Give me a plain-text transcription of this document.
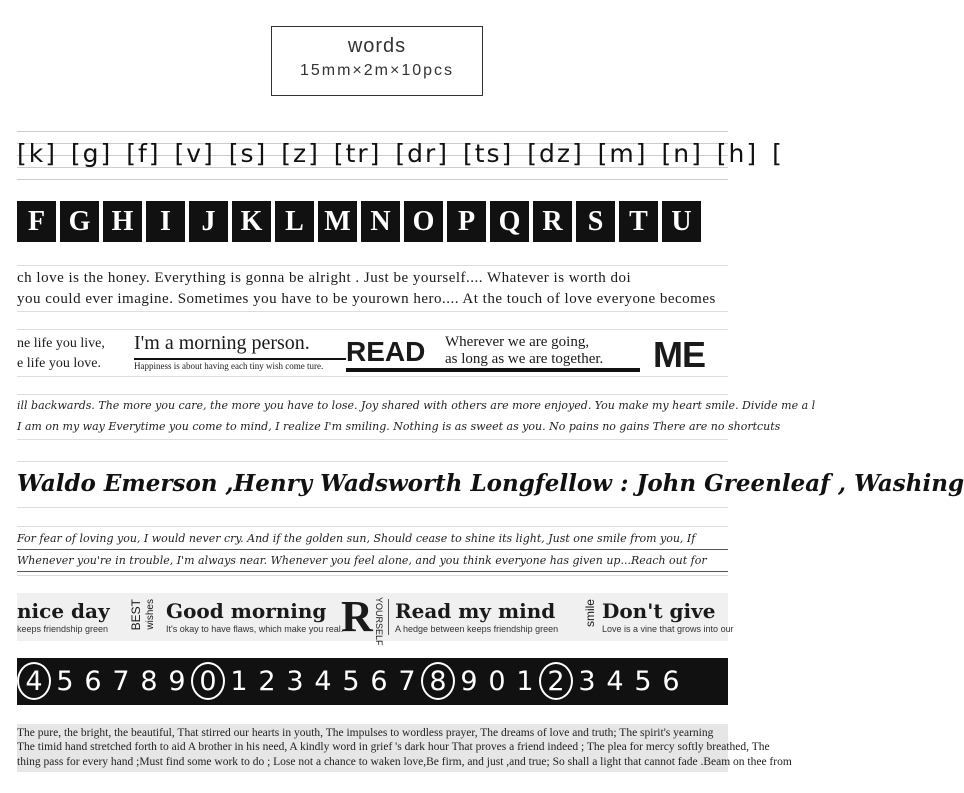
words
15mm×2m×10pcs
[k] [g] [f] [v] [s] [z] [tr] [dr] [ts] [dz] [m] [n] [h] [
F G H I	J K L M N O P Q R S T U
ch love is the honey. Everything is gonna be alright . Just be yourself.... Whatever is worth doi
you could ever imagine. Sometimes you have to be yourown hero.... At the touch of love everyone becomes
ne life you live,
e life you love.
I'm a morning person.
Happiness is about having each tiny wish come ture. READ Wherever we are going,
as long as we are together. ME
ill backwards. The more you care, the more you have to lose. Joy shared with others are more enjoyed. You make my heart smile. Divide me a l
I am on my way Everytime you come to mind, I realize I'm smiling. Nothing is as sweet as you. No pains no gains There are no shortcuts
Waldo Emerson ,Henry Wadsworth Longfellow : John Greenleaf , Washing
For fear of loving you, I would never cry. And if the golden sun, Should cease to shine its light, Just one smile from you, If
Whenever you're in trouble, I'm always near. Whenever you feel alone, and you think everyone has given up...Reach out for
nice day
keeps friendship green BEST wishes Good morning
It's okay to have flaws, which make you real.
R YOURSELF Read my mind
A hedge between keeps friendship green
smile Don't give
Love is a vine that grows into our
4 5 6 7 8 9 0 1 2 3 4 5 6 7 8 9 0 1 2 3 4 5 6
The pure, the bright, the beautiful, That stirred our hearts in youth, The impulses to wordless prayer, The dreams of love and truth; The spirit's yearning
The timid hand stretched forth to aid A brother in his need, A kindly word in grief 's dark hour That proves a friend indeed ; The plea for mercy softly breathed, The
thing pass for every hand ;Must find some work to do ; Lose not a chance to waken love,Be firm, and just ,and true; So shall a light that cannot fade .Beam on thee from
